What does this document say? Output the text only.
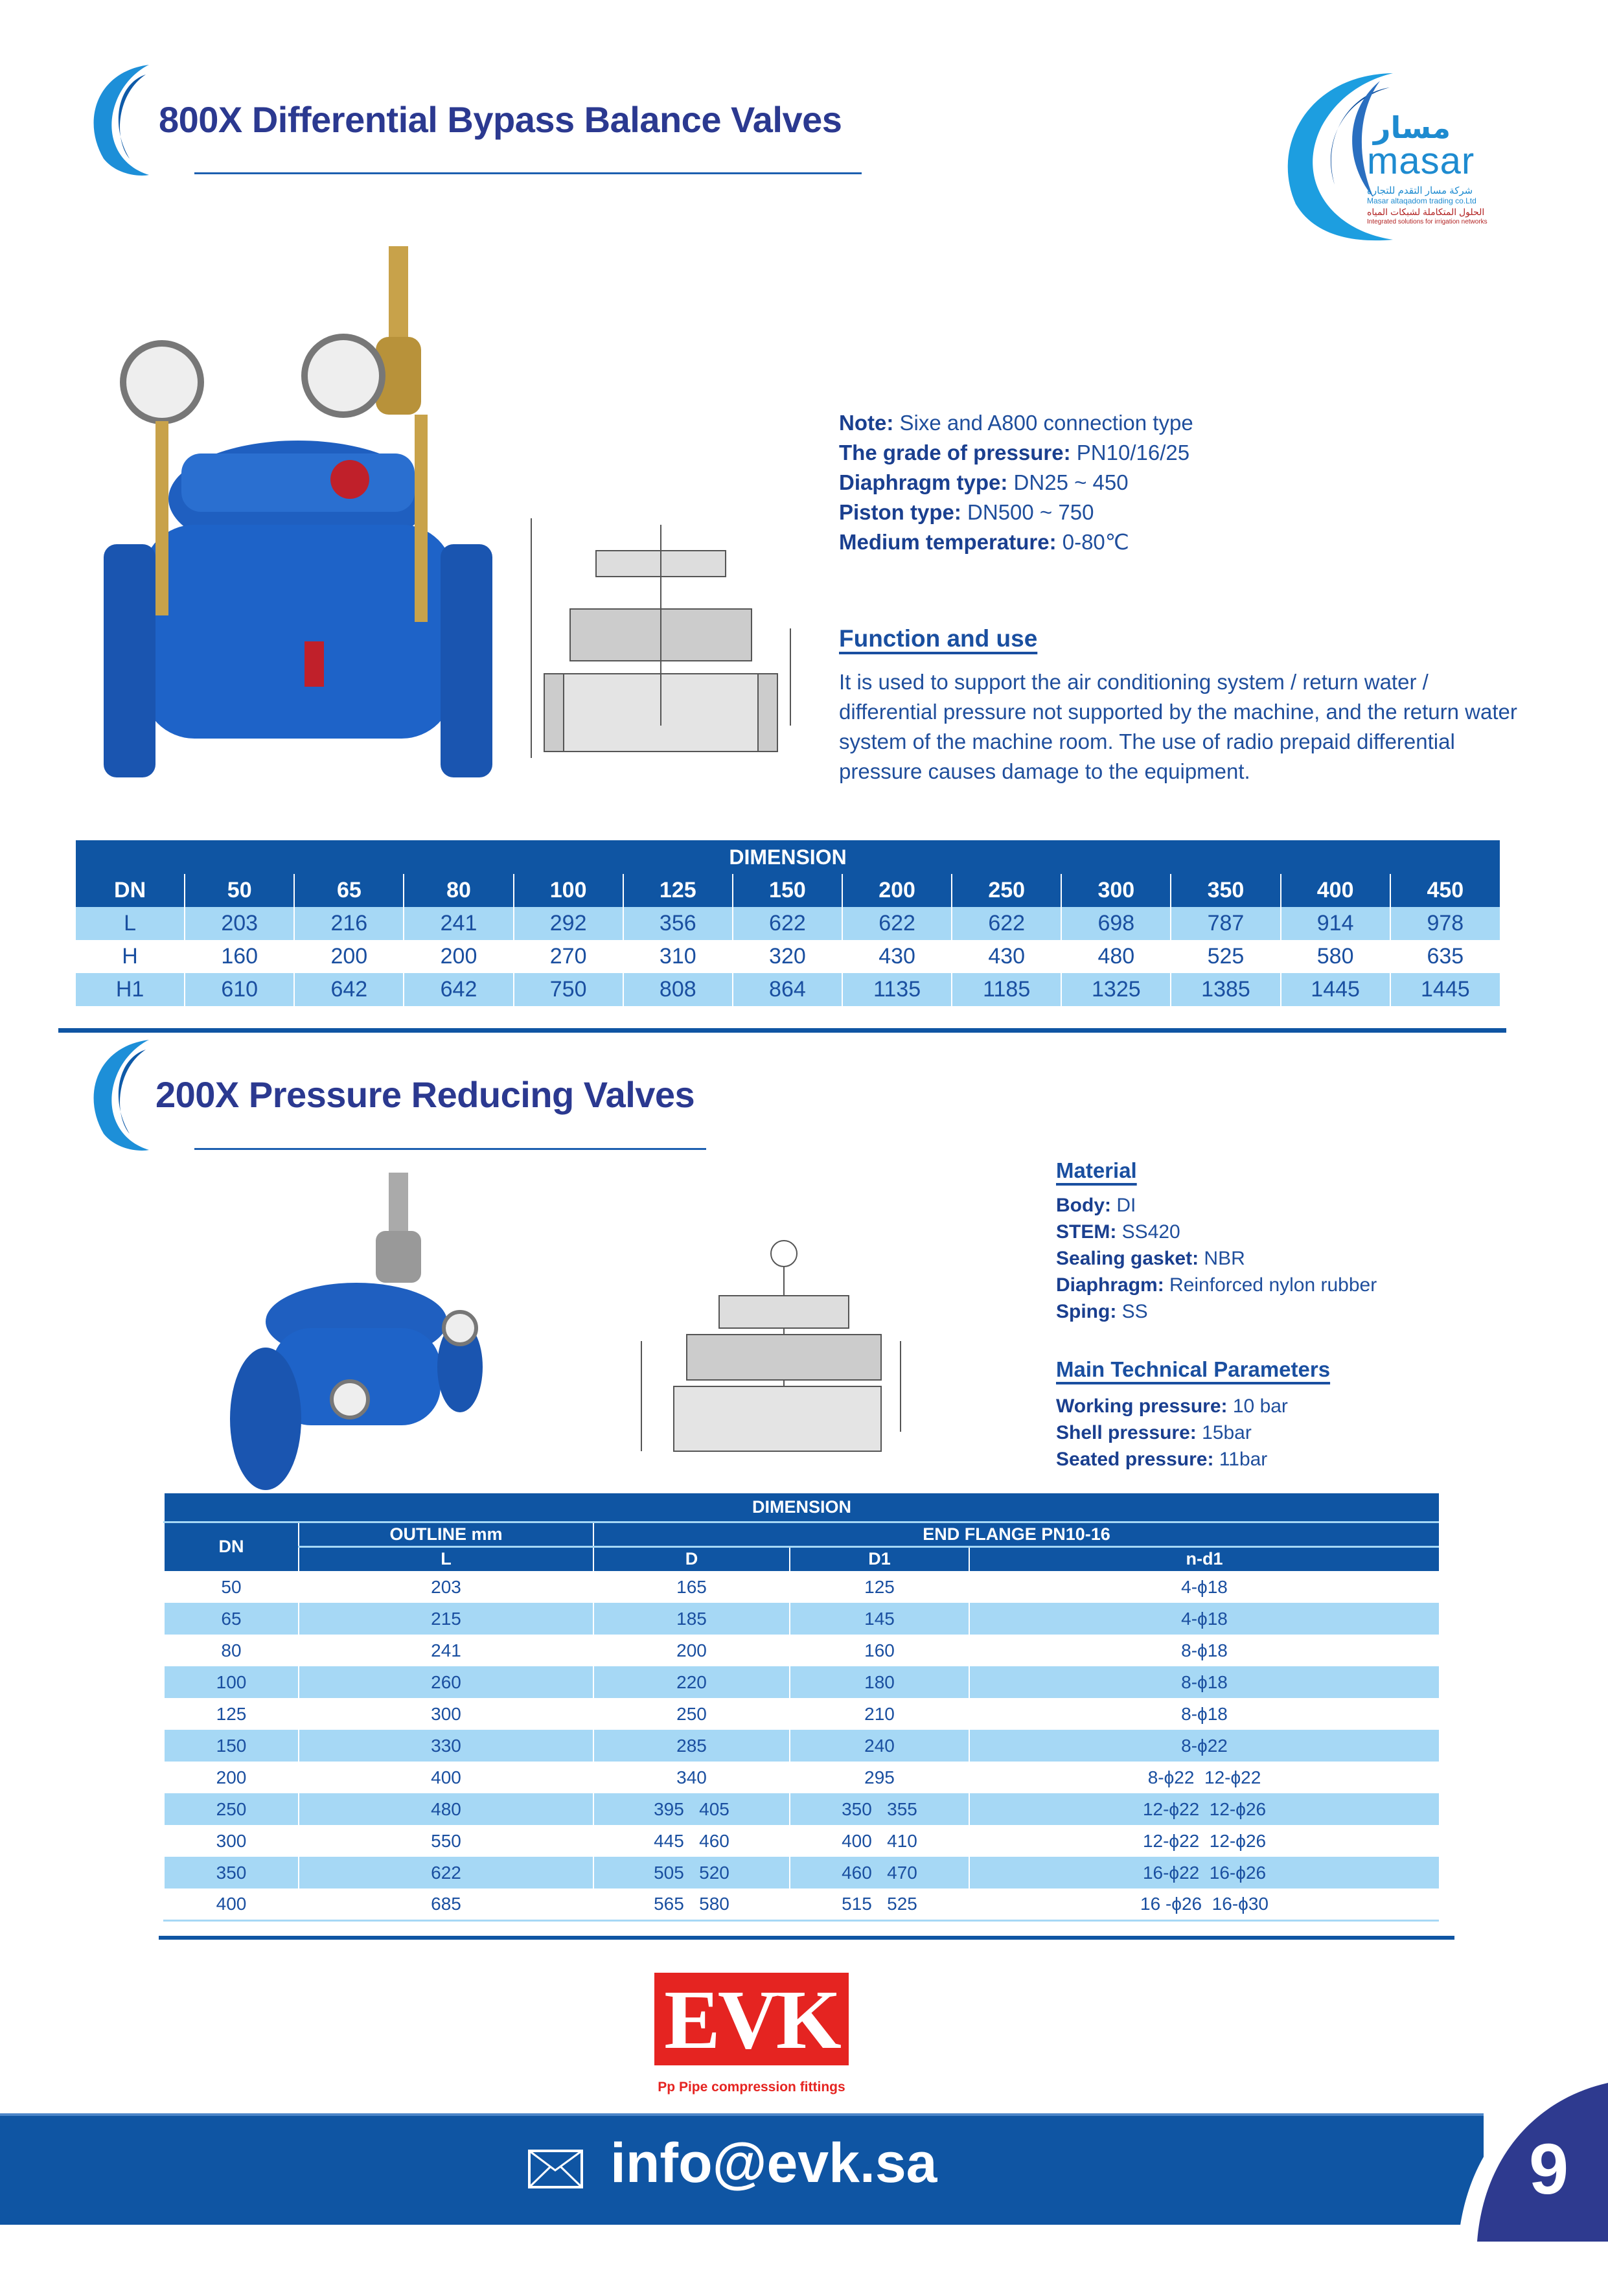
800X Differential Bypass Balance Valves	مسار
masar
شركة مسار التقدم للتجارة
Masar altaqadom trading co.Ltd
الحلول المتكاملة لشبكات المياه
Integrated solutions for irrigation networks
Note: Sixe and A800 connection type
The grade of pressure: PN10/16/25
Diaphragm type: DN25 ~ 450
Piston type: DN500 ~ 750
Medium temperature: 0-80℃
Function and use
It is used to support the air conditioning system / return water / differential pressure not supported by the machine, and the return water system of the machine room. The use of radio prepaid differential pressure causes damage to the equipment.
DIMENSION												
DN	50	65	80	100	125	150	200	250	300	350	400	450
L	203	216	241	292	356	622	622	622	698	787	914	978
H	160	200	200	270	310	320	430	430	480	525	580	635
H1	610	642	642	750	808	864	1135	1185	1325	1385	1445	1445
200X Pressure Reducing Valves
Material
Body: DI
STEM: SS420
Sealing gasket: NBR
Diaphragm: Reinforced nylon rubber
Sping: SS
Main Technical Parameters
Working pressure: 10 bar
Shell pressure: 15bar
Seated pressure: 11bar
DIMENSION				
DN	OUTLINE mm	END FLANGE PN10-16		
	L	D	D1	n-d1
50	203	165	125	4-ϕ18
65	215	185	145	4-ϕ18
80	241	200	160	8-ϕ18
100	260	220	180	8-ϕ18
125	300	250	210	8-ϕ18
150	330	285	240	8-ϕ22
200	400	340	295	8-ϕ22  12-ϕ22
250	480	395   405	350   355	12-ϕ22  12-ϕ26
300	550	445   460	400   410	12-ϕ22  12-ϕ26
350	622	505   520	460   470	16-ϕ22  16-ϕ26
400	685	565   580	515   525	16 -ϕ26  16-ϕ30
EVK
Pp Pipe compression fittings
info@evk.sa	9
